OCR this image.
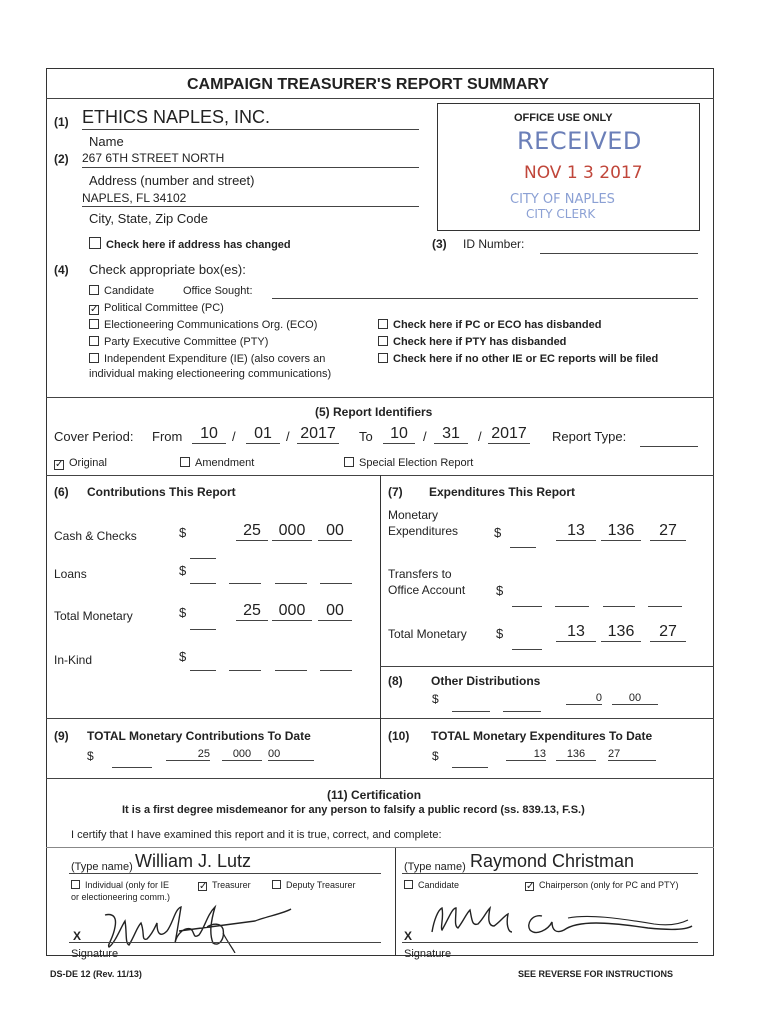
CAMPAIGN TREASURER'S REPORT SUMMARY
(1) ETHICS NAPLES, INC.
Name
(2) 267 6TH STREET NORTH
Address (number and street)
NAPLES, FL 34102
City, State, Zip Code
Check here if address has changed
OFFICE USE ONLY
RECEIVED
NOV 1 3 2017
CITY OF NAPLES
CITY CLERK
(3) ID Number:
(4) Check appropriate box(es):
Candidate	Office Sought:
✓ Political Committee (PC)
Electioneering Communications Org. (ECO)
Party Executive Committee (PTY)
Independent Expenditure (IE) (also covers an
individual making electioneering communications)
Check here if PC or ECO has disbanded
Check here if PTY has disbanded
Check here if no other IE or EC reports will be filed
(5) Report Identifiers
Cover Period: From	10	/	01	/ 2017 To	10	/ 31	/ 2017 Report Type:
✓ Original	Amendment	Special Election Report
(6) Contributions This Report
Cash & Checks	$	25	000	00
Loans	$

Total Monetary	$	25	000	00
In-Kind	$

(7) Expenditures This Report
Monetary
Expenditures	$	13	136	27
Transfers to
Office Account $

Total Monetary $	13	136	27
(8) Other Distributions
$
	0	00
(9) TOTAL Monetary Contributions To Date
$	25	000	00
(10) TOTAL Monetary Expenditures To Date
$	13	136	27
(11) Certification
It is a first degree misdemeanor for any person to falsify a public record (ss. 839.13, F.S.)
I certify that I have examined this report and it is true, correct, and complete:
(Type name) William J. Lutz
Individual (only for IE
or electioneering comm.)
✓ Treasurer	Deputy Treasurer
X
Signature
(Type name) Raymond Christman
Candidate	✓ Chairperson (only for PC and PTY)
X
Signature
DS-DE 12 (Rev. 11/13)	SEE REVERSE FOR INSTRUCTIONS
